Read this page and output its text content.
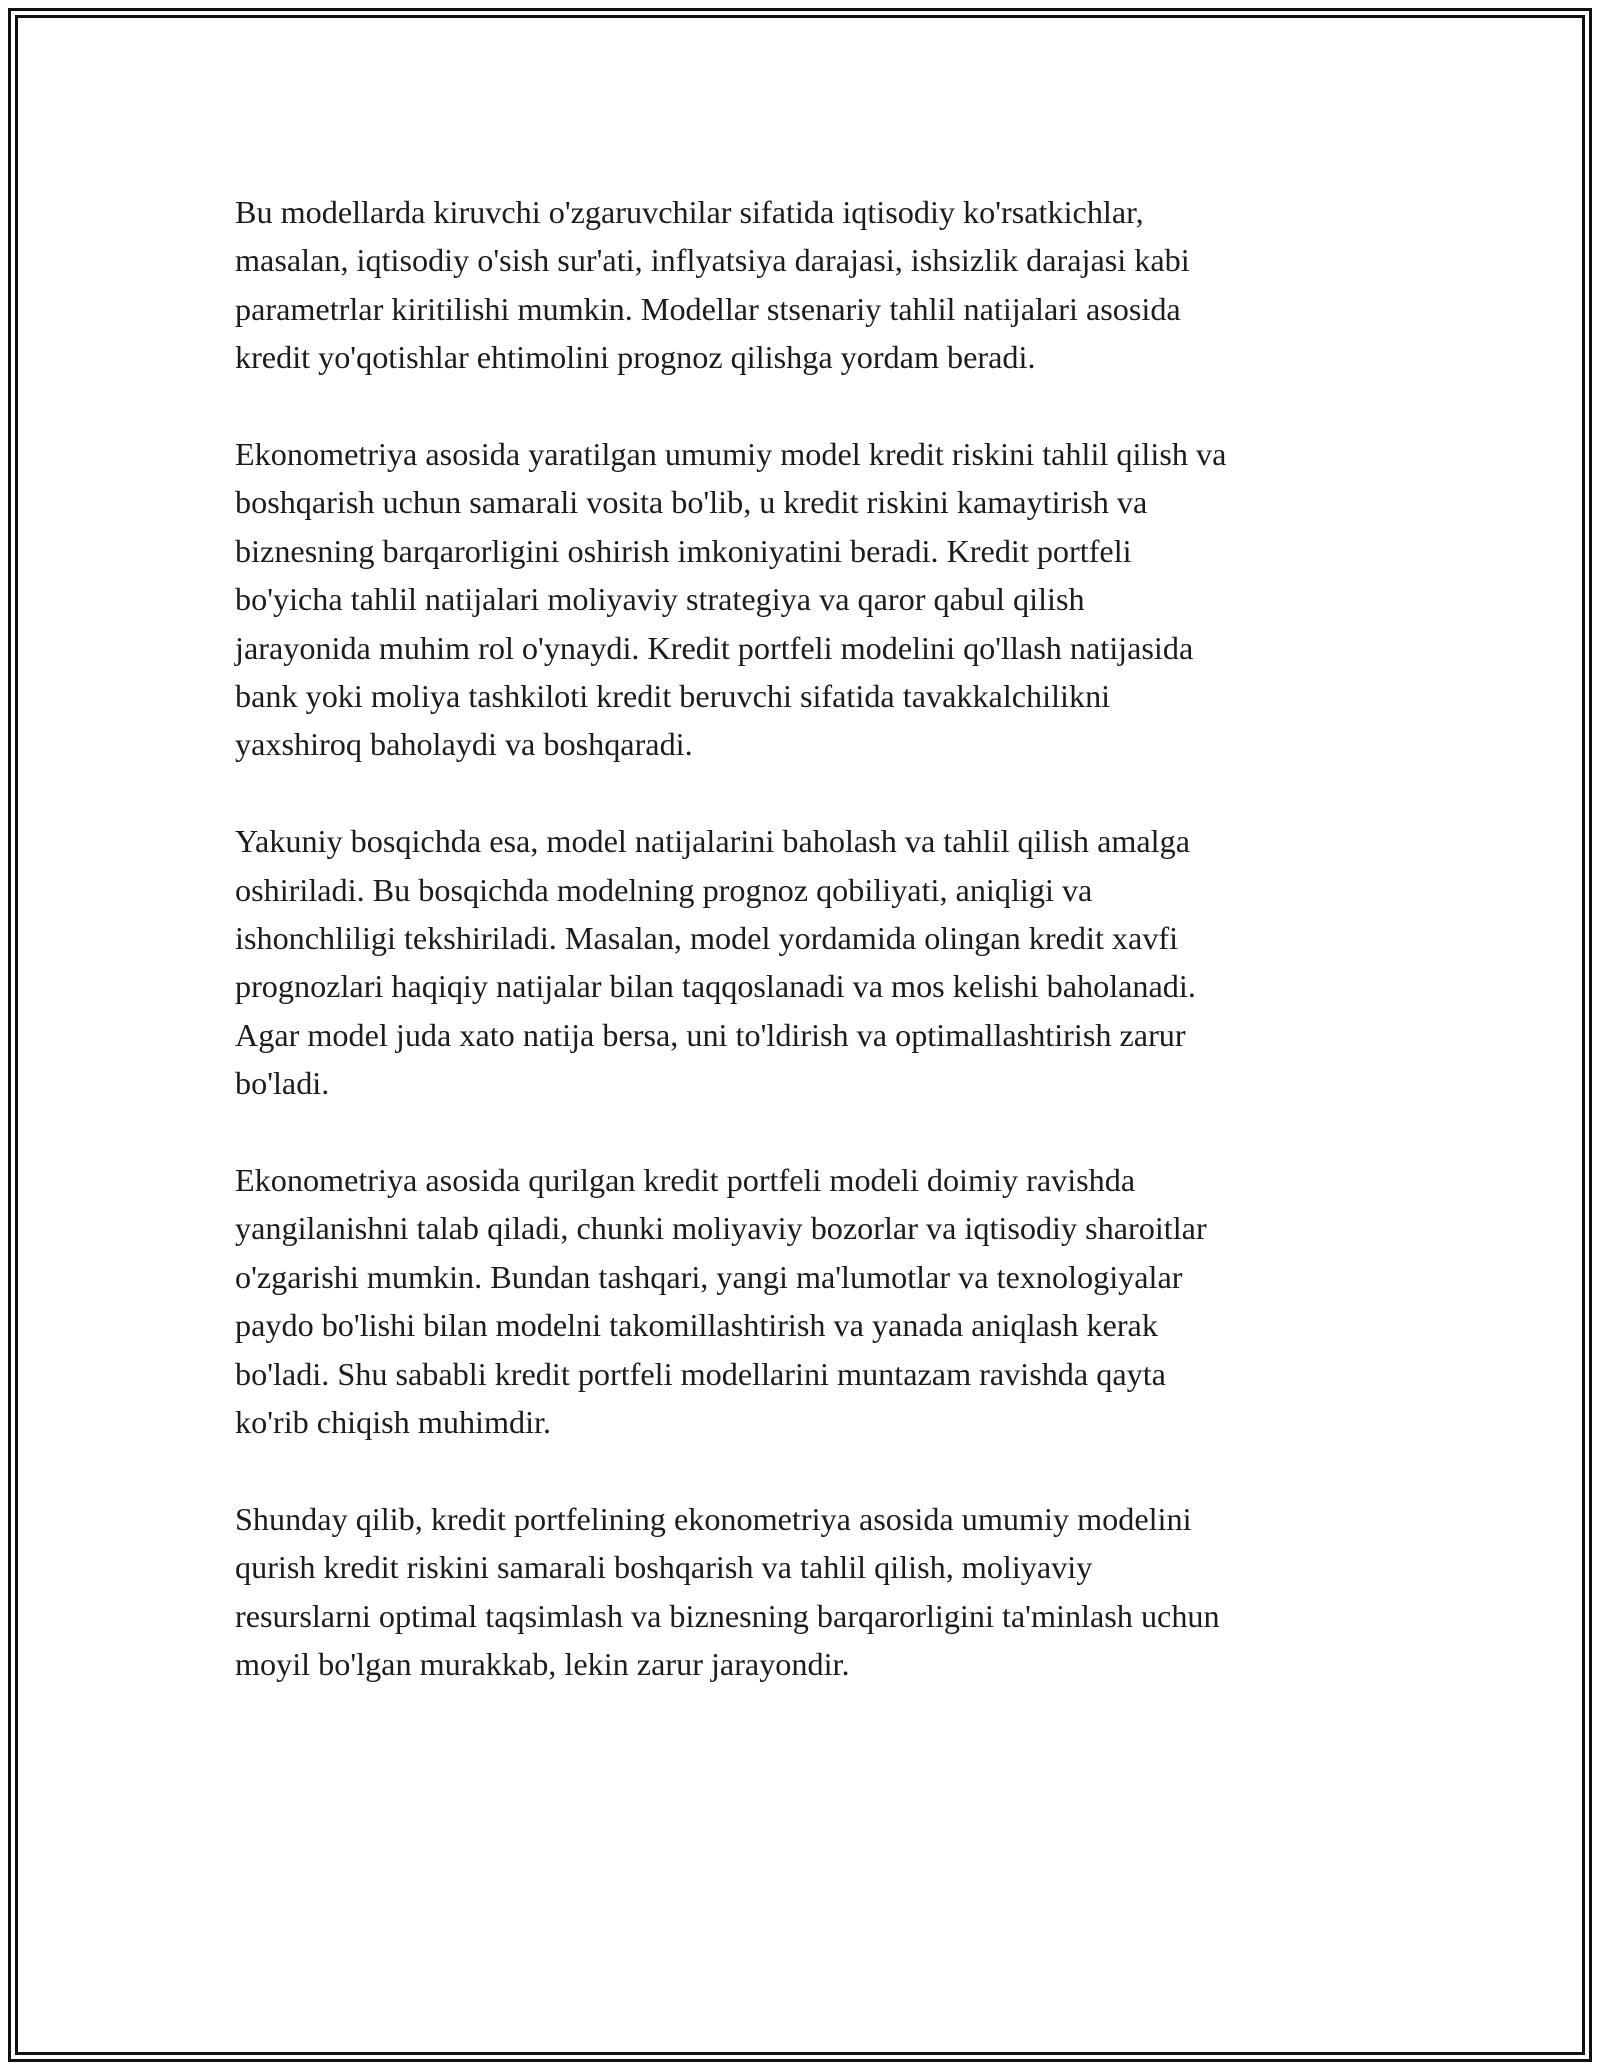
Bu modellarda kiruvchi o'zgaruvchilar sifatida iqtisodiy ko'rsatkichlar,
masalan, iqtisodiy o'sish sur'ati, inflyatsiya darajasi, ishsizlik darajasi kabi
parametrlar kiritilishi mumkin. Modellar stsenariy tahlil natijalari asosida
kredit yo'qotishlar ehtimolini prognoz qilishga yordam beradi.

Ekonometriya asosida yaratilgan umumiy model kredit riskini tahlil qilish va
boshqarish uchun samarali vosita bo'lib, u kredit riskini kamaytirish va
biznesning barqarorligini oshirish imkoniyatini beradi. Kredit portfeli
bo'yicha tahlil natijalari moliyaviy strategiya va qaror qabul qilish
jarayonida muhim rol o'ynaydi. Kredit portfeli modelini qo'llash natijasida
bank yoki moliya tashkiloti kredit beruvchi sifatida tavakkalchilikni
yaxshiroq baholaydi va boshqaradi.

Yakuniy bosqichda esa, model natijalarini baholash va tahlil qilish amalga
oshiriladi. Bu bosqichda modelning prognoz qobiliyati, aniqligi va
ishonchliligi tekshiriladi. Masalan, model yordamida olingan kredit xavfi
prognozlari haqiqiy natijalar bilan taqqoslanadi va mos kelishi baholanadi.
Agar model juda xato natija bersa, uni to'ldirish va optimallashtirish zarur
bo'ladi.

Ekonometriya asosida qurilgan kredit portfeli modeli doimiy ravishda
yangilanishni talab qiladi, chunki moliyaviy bozorlar va iqtisodiy sharoitlar
o'zgarishi mumkin. Bundan tashqari, yangi ma'lumotlar va texnologiyalar
paydo bo'lishi bilan modelni takomillashtirish va yanada aniqlash kerak
bo'ladi. Shu sababli kredit portfeli modellarini muntazam ravishda qayta
ko'rib chiqish muhimdir.

Shunday qilib, kredit portfelining ekonometriya asosida umumiy modelini
qurish kredit riskini samarali boshqarish va tahlil qilish, moliyaviy
resurslarni optimal taqsimlash va biznesning barqarorligini ta'minlash uchun
moyil bo'lgan murakkab, lekin zarur jarayondir.
